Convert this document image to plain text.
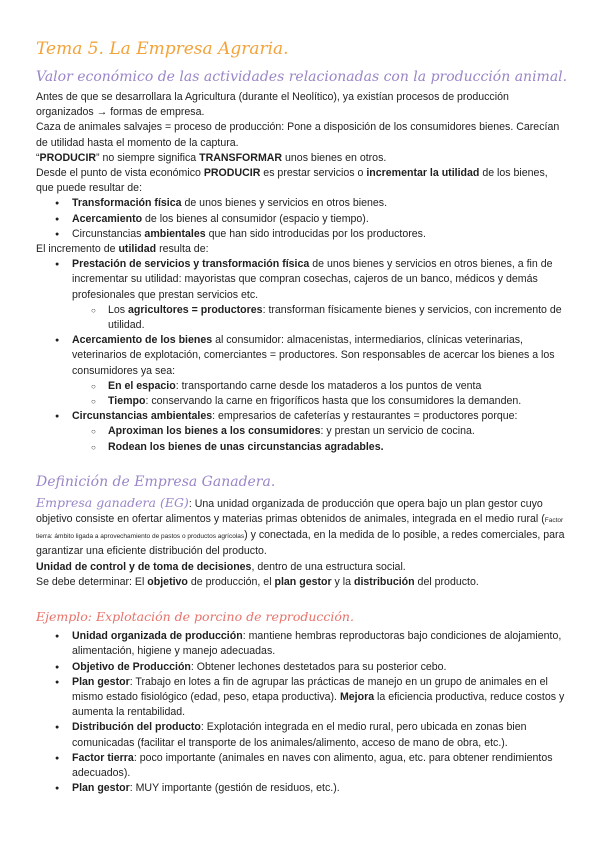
Tema 5. La Empresa Agraria.
Valor económico de las actividades relacionadas con la producción animal.

Antes de que se desarrollara la Agricultura (durante el Neolítico), ya existían procesos de producción organizados → formas de empresa.

Caza de animales salvajes = proceso de producción: Pone a disposición de los consumidores bienes. Carecían de utilidad hasta el momento de la captura.

“PRODUCIR” no siempre significa TRANSFORMAR unos bienes en otros.

Desde el punto de vista económico PRODUCIR es prestar servicios o incrementar la utilidad de los bienes, que puede resultar de:

● Transformación física de unos bienes y servicios en otros bienes.
● Acercamiento de los bienes al consumidor (espacio y tiempo).
● Circunstancias ambientales que han sido introducidas por los productores.

El incremento de utilidad resulta de:

● Prestación de servicios y transformación física de unos bienes y servicios en otros bienes, a fin de incrementar su utilidad: mayoristas que compran cosechas, cajeros de un banco, médicos y demás profesionales que prestan servicios etc.
○ Los agricultores = productores: transforman físicamente bienes y servicios, con incremento de utilidad.
● Acercamiento de los bienes al consumidor: almacenistas, intermediarios, clínicas veterinarias, veterinarios de explotación, comerciantes = productores. Son responsables de acercar los bienes a los consumidores ya sea:
○ En el espacio: transportando carne desde los mataderos a los puntos de venta
○ Tiempo: conservando la carne en frigoríficos hasta que los consumidores la demanden.
● Circunstancias ambientales: empresarios de cafeterías y restaurantes = productores porque:
○ Aproximan los bienes a los consumidores: y prestan un servicio de cocina.
○ Rodean los bienes de unas circunstancias agradables.
Definición de Empresa Ganadera.

Empresa ganadera (EG): Una unidad organizada de producción que opera bajo un plan gestor cuyo objetivo consiste en ofertar alimentos y materias primas obtenidos de animales, integrada en el medio rural (Factor tierra: ámbito ligada a aprovechamiento de pastos o productos agrícolas) y conectada, en la medida de lo posible, a redes comerciales, para garantizar una eficiente distribución del producto.

Unidad de control y de toma de decisiones, dentro de una estructura social.

Se debe determinar: El objetivo de producción, el plan gestor y la distribución del producto.

Ejemplo: Explotación de porcino de reproducción.
● Unidad organizada de producción: mantiene hembras reproductoras bajo condiciones de alojamiento, alimentación, higiene y manejo adecuadas.
● Objetivo de Producción: Obtener lechones destetados para su posterior cebo.
● Plan gestor: Trabajo en lotes a fin de agrupar las prácticas de manejo en un grupo de animales en el mismo estado fisiológico (edad, peso, etapa productiva). Mejora la eficiencia productiva, reduce costos y aumenta la rentabilidad.
● Distribución del producto: Explotación integrada en el medio rural, pero ubicada en zonas bien comunicadas (facilitar el transporte de los animales/alimento, acceso de mano de obra, etc.).
● Factor tierra: poco importante (animales en naves con alimento, agua, etc. para obtener rendimientos adecuados).
● Plan gestor: MUY importante (gestión de residuos, etc.).
